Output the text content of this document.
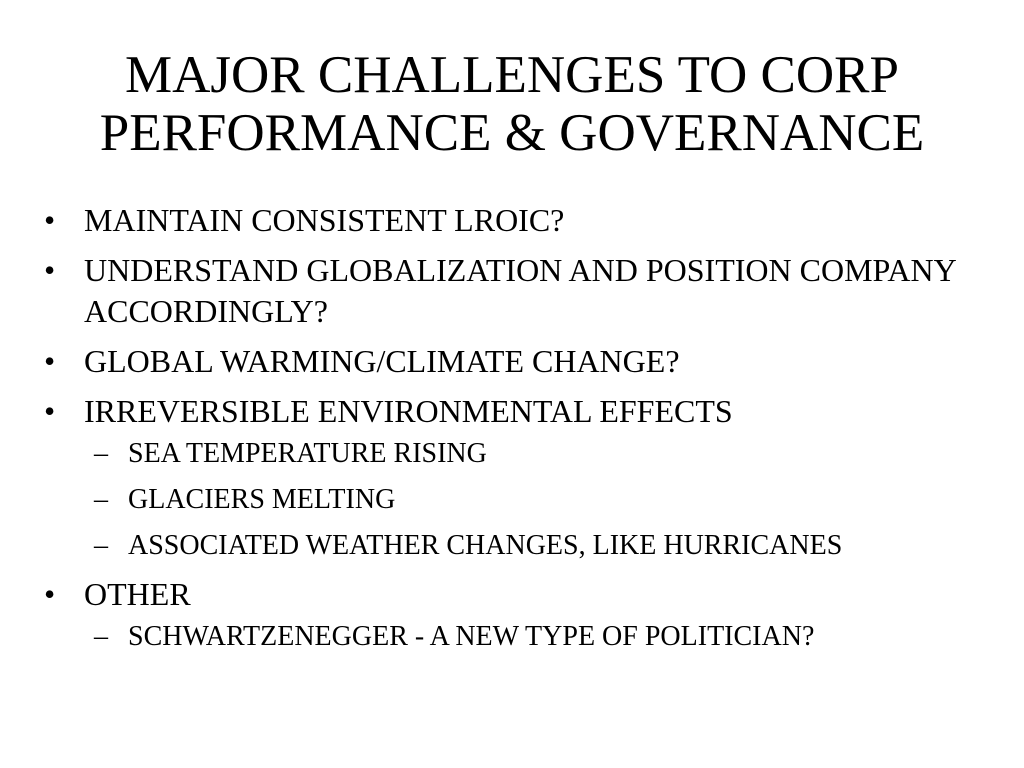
MAJOR CHALLENGES TO CORP
PERFORMANCE & GOVERNANCE
• MAINTAIN CONSISTENT LROIC?
• UNDERSTAND GLOBALIZATION AND POSITION COMPANY ACCORDINGLY?
• GLOBAL WARMING/CLIMATE CHANGE?
• IRREVERSIBLE ENVIRONMENTAL EFFECTS
– SEA TEMPERATURE RISING
– GLACIERS MELTING
– ASSOCIATED WEATHER CHANGES, LIKE HURRICANES
• OTHER
– SCHWARTZENEGGER - A NEW TYPE OF POLITICIAN?
